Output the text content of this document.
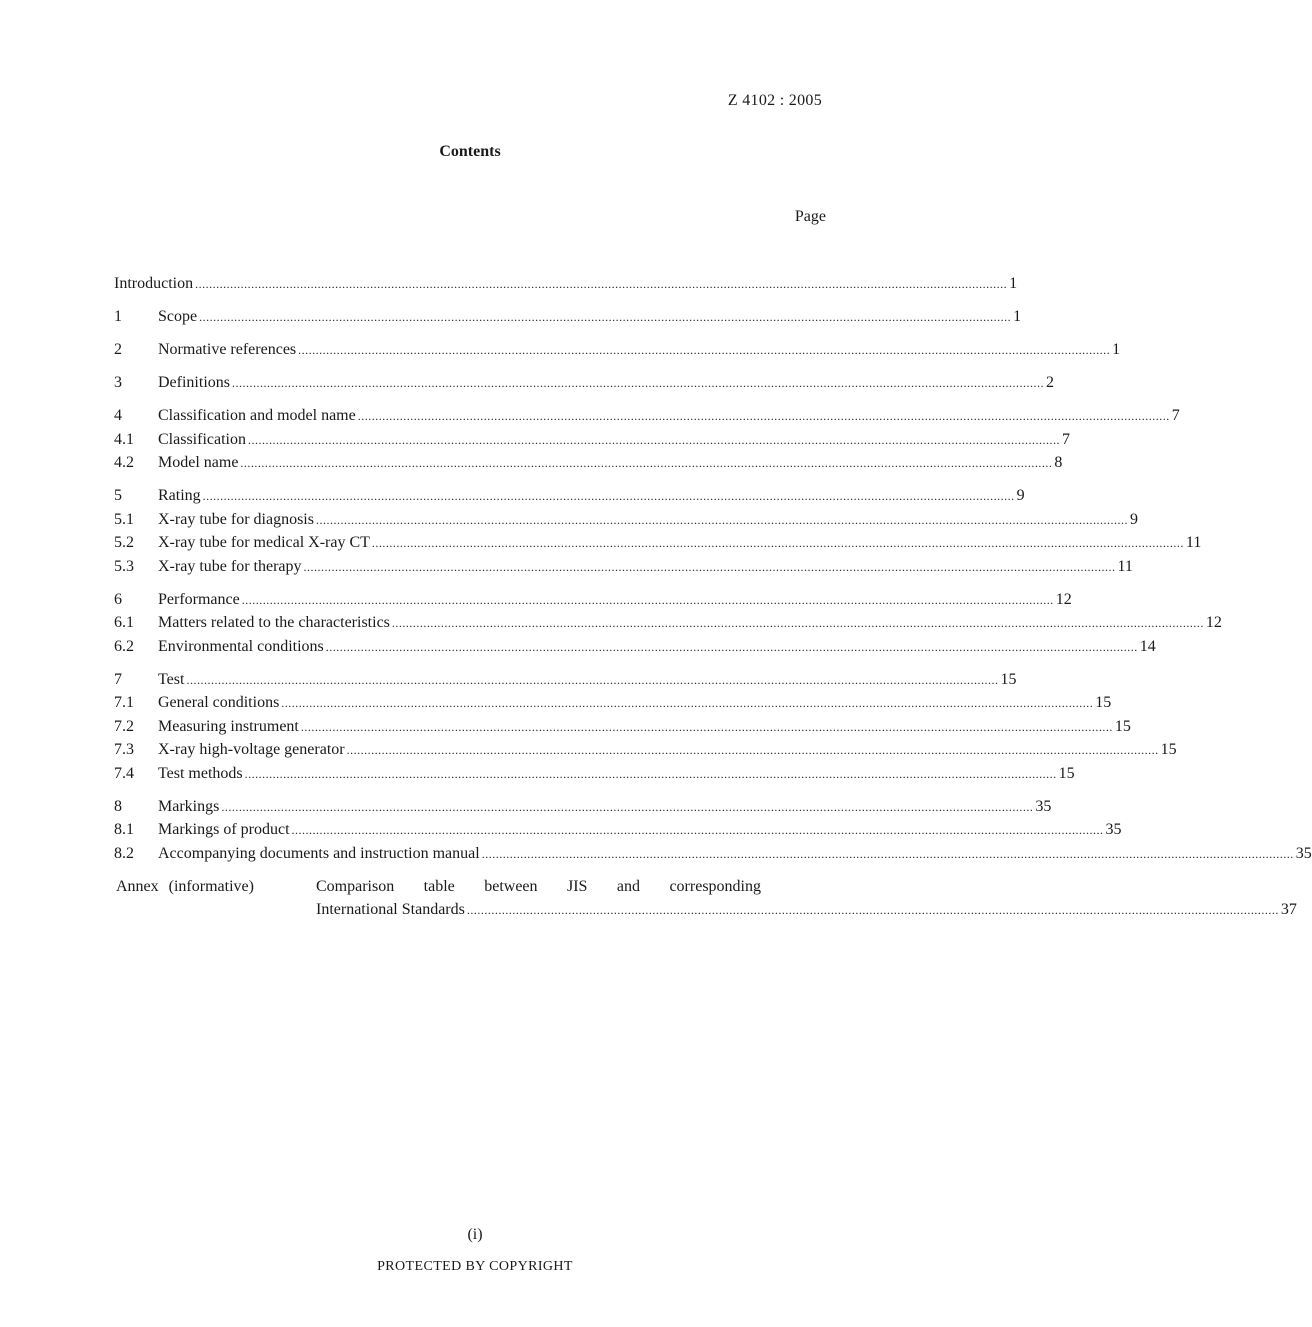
Z 4102 : 2005
Contents
Page
Introduction .....	1
1	Scope .....	1
2	Normative references .....	1
3	Definitions .....	2
4	Classification and model name .....	7
4.1	Classification .....	7
4.2	Model name .....	8
5	Rating .....	9
5.1	X-ray tube for diagnosis .....	9
5.2	X-ray tube for medical X-ray CT .....	11
5.3	X-ray tube for therapy .....	11
6	Performance .....	12
6.1	Matters related to the characteristics .....	12
6.2	Environmental conditions .....	14
7	Test .....	15
7.1	General conditions .....	15
7.2	Measuring instrument .....	15
7.3	X-ray high-voltage generator .....	15
7.4	Test methods .....	15
8	Markings .....	35
8.1	Markings of product .....	35
8.2	Accompanying documents and instruction manual .....	35
Annex (informative)	Comparison table between JIS and corresponding
International Standards .....	37
(i)
PROTECTED BY COPYRIGHT
